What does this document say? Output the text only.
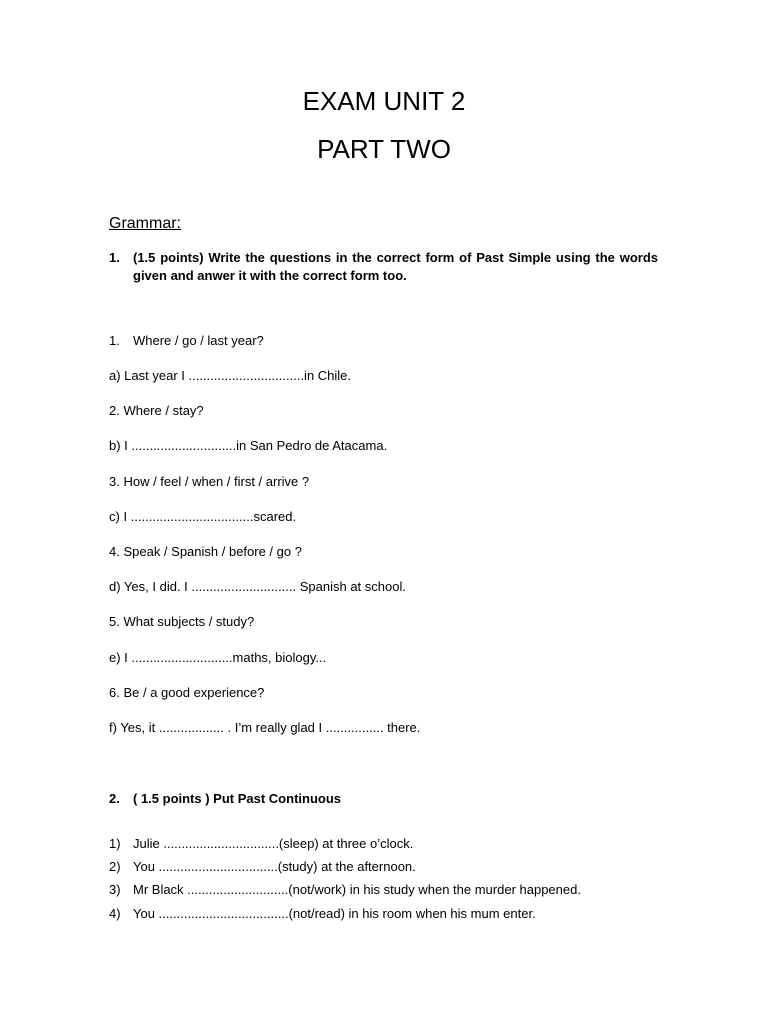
EXAM UNIT 2
PART TWO
Grammar:
1. (1.5 points) Write the questions in the correct form of Past Simple using the words given and anwer it with the correct form too.
1. Where / go / last year?
a) Last year I ................................in Chile.
2. Where / stay?
b) I .............................in San Pedro de Atacama.
3. How / feel / when / first / arrive ?
c) I ..................................scared.
4. Speak / Spanish / before / go ?
d) Yes, I did. I ............................. Spanish at school.
5. What subjects / study?
e) I ............................maths, biology...
6. Be / a good experience?
f) Yes, it .................. . I’m really glad I ................ there.
2. ( 1.5 points ) Put Past Continuous
1) Julie ................................(sleep) at three o’clock.
2) You .................................(study) at the afternoon.
3) Mr Black ............................(not/work) in his study when the murder happened.
4) You ....................................(not/read) in his room when his mum enter.
